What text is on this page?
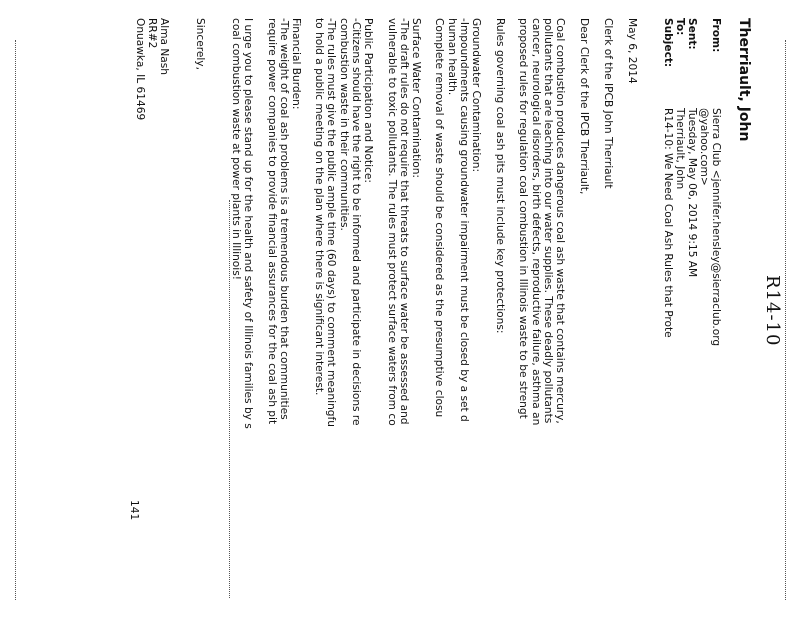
R14-10
Therriault, John
From:
Sierra Club <jennifer.hensley@sierraclub.org
@yahoo.com>
Sent:
Tuesday, May 06, 2014 9:15 AM
To:
Therriault, John
Subject:
R14-10: We Need Coal Ash Rules that Prote
May 6, 2014
Clerk of the IPCB John Therriault
Dear Clerk of the IPCB Therriault,
Coal combustion produces dangerous coal ash waste that contains mercury,
pollutants that are leaching into our water supplies. These deadly pollutants
cancer, neurological disorders, birth defects, reproductive failure, asthma an
proposed rules for regulation coal combustion in Illinois waste to be strengt
Rules governing coal ash pits must include key protections:
Groundwater Contamination:
-Impoundments causing groundwater impairment must be closed by a set d
human health.
Complete removal of waste should be considered as the presumptive closu
Surface Water Contamination:
-The draft rules do not require that threats to surface water be assessed and
vulnerable to toxic pollutants. The rules must protect surface waters from co
Public Participation and Notice:
-Citizens should have the right to be informed and participate in decisions re
combustion waste in their communities.
-The rules must give the public ample time (60 days) to comment meaningfu
to hold a public meeting on the plan where there is significant interest.
Financial Burden:
-The weight of coal ash problems is a tremendous burden that communities
require power companies to provide financial assurances for the coal ash pit
I urge you to please stand up for the health and safety of Illinois families by s
coal combustion waste at power plants in Illinois!
Sincerely,
Alma Nash
RR#2
Onuawka, IL 61469
141
